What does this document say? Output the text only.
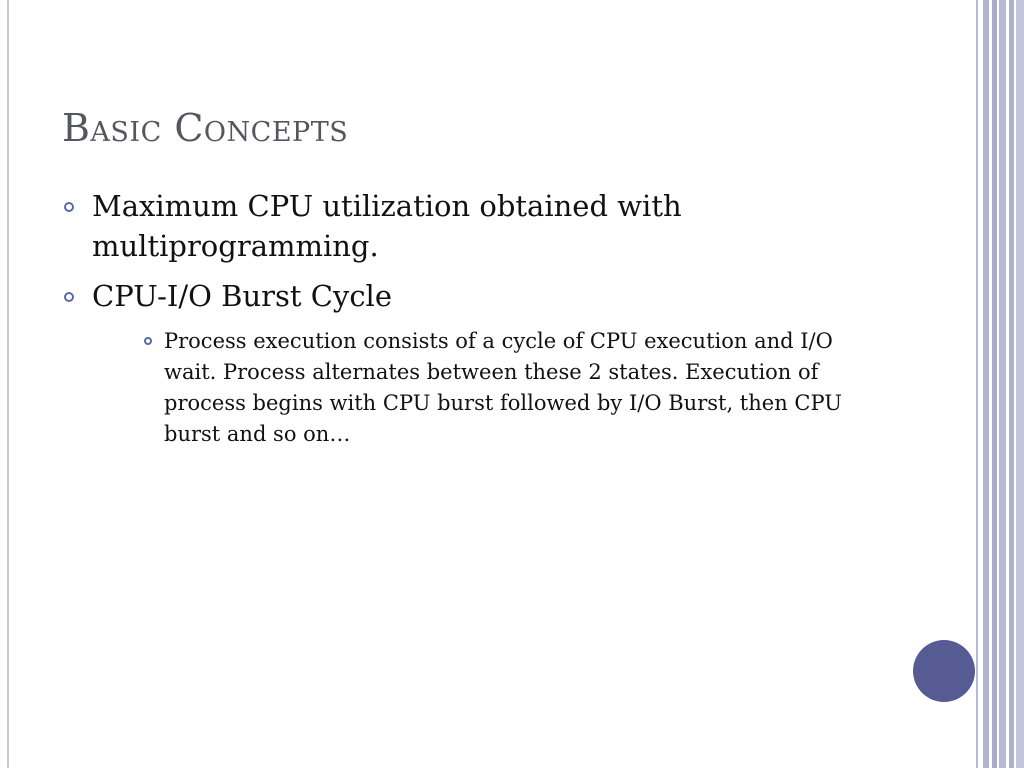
Basic Concepts
Maximum CPU utilization obtained with multiprogramming.
CPU-I/O Burst Cycle
Process execution consists of a cycle of CPU execution and I/O wait. Process alternates between these 2 states. Execution of process begins with CPU burst followed by I/O Burst, then CPU burst and so on…
